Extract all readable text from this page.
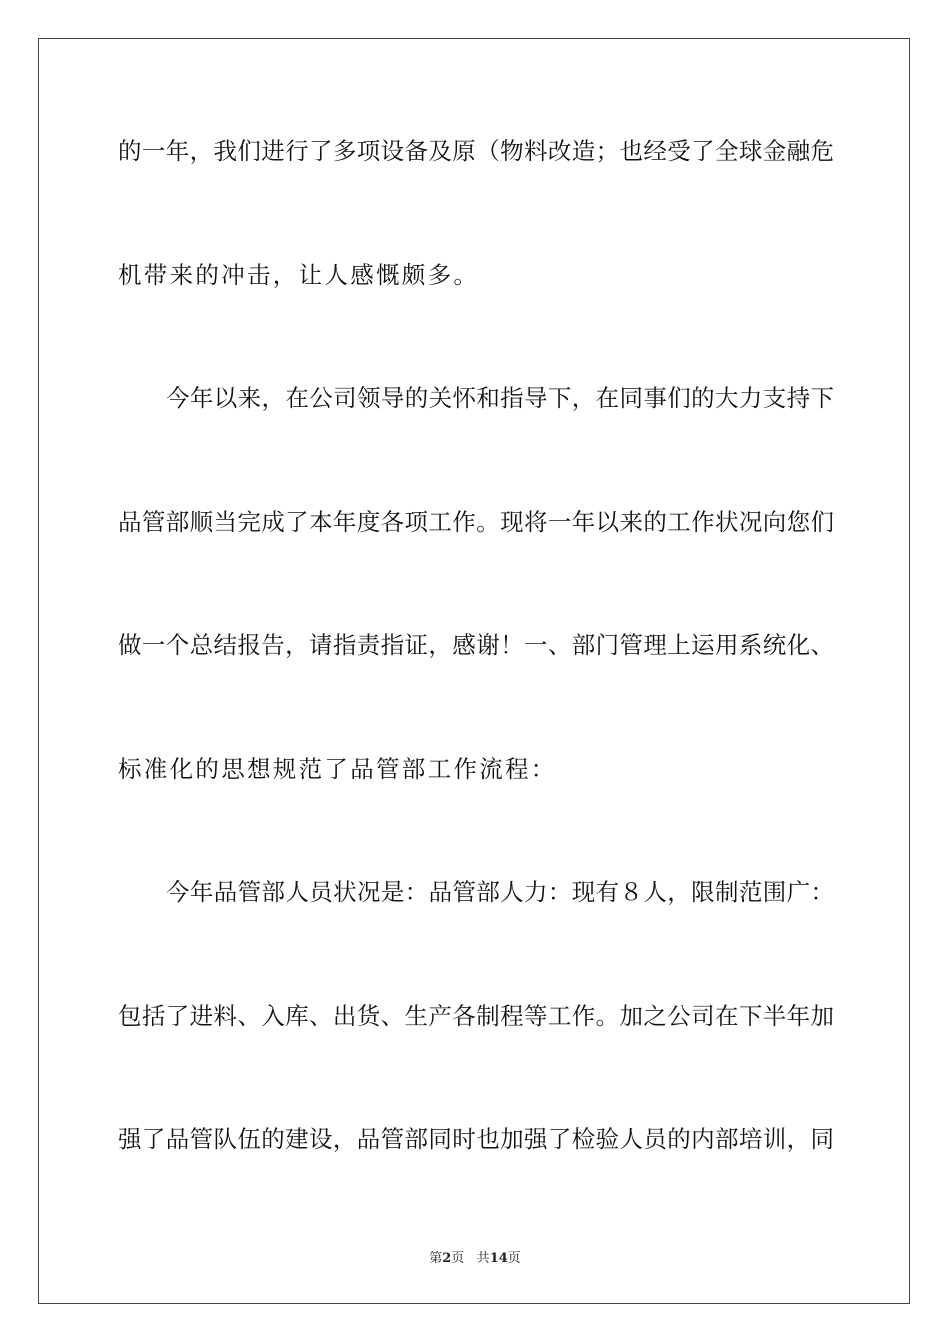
的一年，我们进行了多项设备及原（物料改造；也经受了全球金融危
机带来的冲击，让人感慨颇多。
今年以来，在公司领导的关怀和指导下，在同事们的大力支持下
品管部顺当完成了本年度各项工作。现将一年以来的工作状况向您们
做一个总结报告，请指责指证，感谢！一、部门管理上运用系统化、
标准化的思想规范了品管部工作流程：
今年品管部人员状况是：品管部人力：现有８人，限制范围广：
包括了进料、入库、出货、生产各制程等工作。加之公司在下半年加
强了品管队伍的建设，品管部同时也加强了检验人员的内部培训，同
第2页 共14页
